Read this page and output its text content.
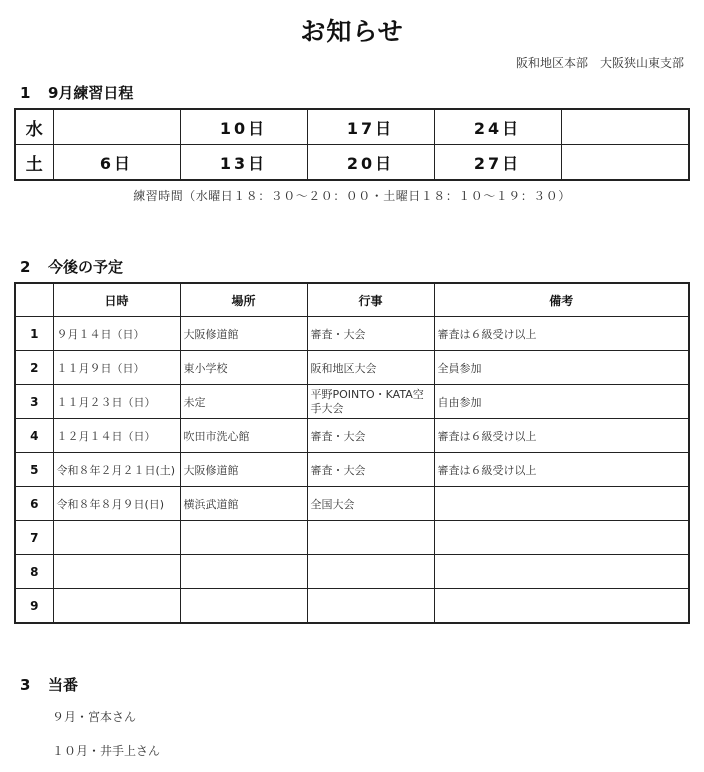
お知らせ
阪和地区本部　大阪狭山東支部
1 9月練習日程
水		10日	17日	24日	
土	6日	13日	20日	27日	
練習時間（水曜日１８：３０～２０：００・土曜日１８：１０～１９：３０）
2 今後の予定
	日時	場所	行事	備考
1	９月１４日（日）	大阪修道館	審査・大会	審査は６級受け以上
2	１１月９日（日）	東小学校	阪和地区大会	全員参加
3	１１月２３日（日）	未定	平野POINTO・KATA空手大会	自由参加
4	１２月１４日（日）	吹田市洗心館	審査・大会	審査は６級受け以上
5	令和８年２月２１日(土)	大阪修道館	審査・大会	審査は６級受け以上
6	令和８年８月９日(日)	横浜武道館	全国大会	
7				
8				
9				
3 当番
９月・宮本さん
１０月・井手上さん
